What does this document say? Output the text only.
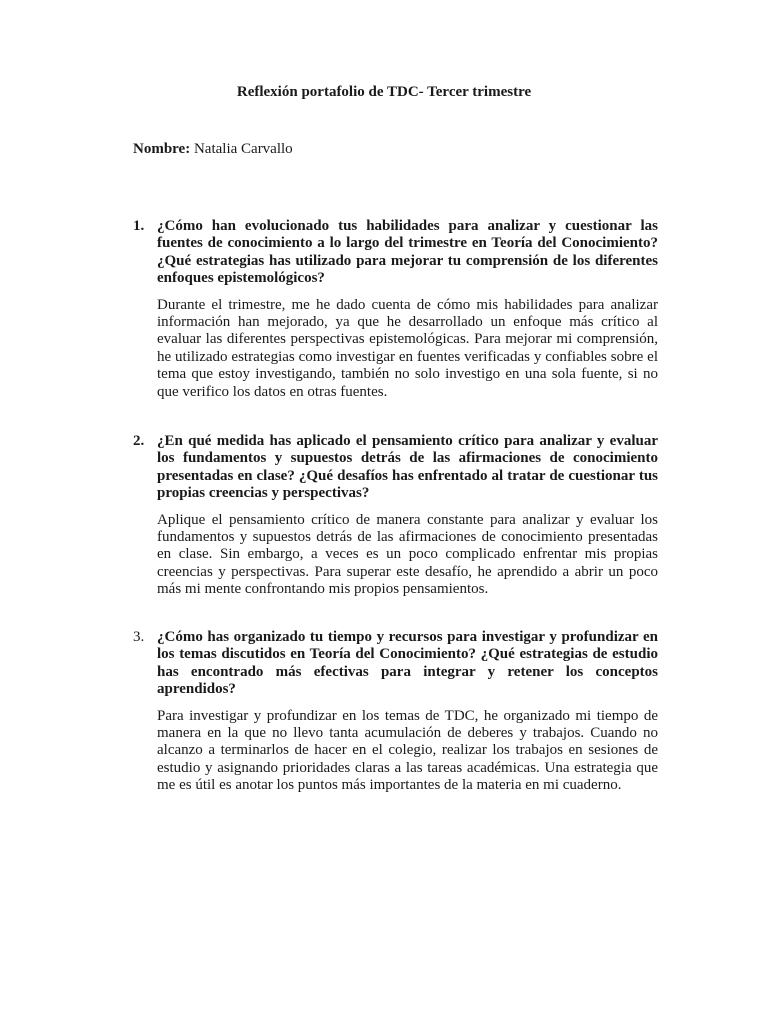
Reflexión portafolio de TDC- Tercer trimestre
Nombre: Natalia Carvallo
1. ¿Cómo han evolucionado tus habilidades para analizar y cuestionar las fuentes de conocimiento a lo largo del trimestre en Teoría del Conocimiento? ¿Qué estrategias has utilizado para mejorar tu comprensión de los diferentes enfoques epistemológicos?
Durante el trimestre, me he dado cuenta de cómo mis habilidades para analizar información han mejorado, ya que he desarrollado un enfoque más crítico al evaluar las diferentes perspectivas epistemológicas. Para mejorar mi comprensión, he utilizado estrategias como investigar en fuentes verificadas y confiables sobre el tema que estoy investigando, también no solo investigo en una sola fuente, si no que verifico los datos en otras fuentes.
2. ¿En qué medida has aplicado el pensamiento crítico para analizar y evaluar los fundamentos y supuestos detrás de las afirmaciones de conocimiento presentadas en clase? ¿Qué desafíos has enfrentado al tratar de cuestionar tus propias creencias y perspectivas?
Aplique el pensamiento crítico de manera constante para analizar y evaluar los fundamentos y supuestos detrás de las afirmaciones de conocimiento presentadas en clase. Sin embargo, a veces es un poco complicado enfrentar mis propias creencias y perspectivas. Para superar este desafío, he aprendido a abrir un poco más mi mente confrontando mis propios pensamientos.
3. ¿Cómo has organizado tu tiempo y recursos para investigar y profundizar en los temas discutidos en Teoría del Conocimiento? ¿Qué estrategias de estudio has encontrado más efectivas para integrar y retener los conceptos aprendidos?
Para investigar y profundizar en los temas de TDC, he organizado mi tiempo de manera en la que no llevo tanta acumulación de deberes y trabajos. Cuando no alcanzo a terminarlos de hacer en el colegio, realizar los trabajos en sesiones de estudio y asignando prioridades claras a las tareas académicas. Una estrategia que me es útil es anotar los puntos más importantes de la materia en mi cuaderno.
